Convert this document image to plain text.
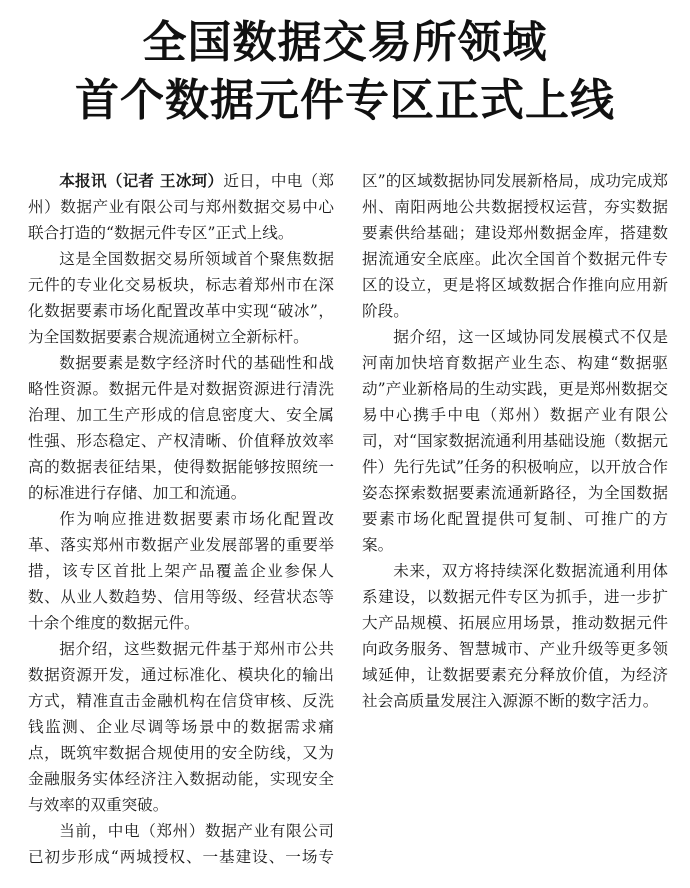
全国数据交易所领域
首个数据元件专区正式上线

本报讯（记者 王冰珂）近日，中电（郑州）数据产业有限公司与郑州数据交易中心联合打造的“数据元件专区”正式上线。

这是全国数据交易所领域首个聚焦数据元件的专业化交易板块，标志着郑州市在深化数据要素市场化配置改革中实现“破冰”，为全国数据要素合规流通树立全新标杆。

数据要素是数字经济时代的基础性和战略性资源。数据元件是对数据资源进行清洗治理、加工生产形成的信息密度大、安全属性强、形态稳定、产权清晰、价值释放效率高的数据表征结果，使得数据能够按照统一的标准进行存储、加工和流通。

作为响应推进数据要素市场化配置改革、落实郑州市数据产业发展部署的重要举措，该专区首批上架产品覆盖企业参保人数、从业人数趋势、信用等级、经营状态等十余个维度的数据元件。

据介绍，这些数据元件基于郑州市公共数据资源开发，通过标准化、模块化的输出方式，精准直击金融机构在信贷审核、反洗钱监测、企业尽调等场景中的数据需求痛点，既筑牢数据合规使用的安全防线，又为金融服务实体经济注入数据动能，实现安全与效率的双重突破。

当前，中电（郑州）数据产业有限公司已初步形成“两城授权、一基建设、一场专区”的区域数据协同发展新格局，成功完成郑州、南阳两地公共数据授权运营，夯实数据要素供给基础；建设郑州数据金库，搭建数据流通安全底座。此次全国首个数据元件专区的设立，更是将区域数据合作推向应用新阶段。

据介绍，这一区域协同发展模式不仅是河南加快培育数据产业生态、构建“数据驱动”产业新格局的生动实践，更是郑州数据交易中心携手中电（郑州）数据产业有限公司，对“国家数据流通利用基础设施（数据元件）先行先试”任务的积极响应，以开放合作姿态探索数据要素流通新路径，为全国数据要素市场化配置提供可复制、可推广的方案。

未来，双方将持续深化数据流通利用体系建设，以数据元件专区为抓手，进一步扩大产品规模、拓展应用场景，推动数据元件向政务服务、智慧城市、产业升级等更多领域延伸，让数据要素充分释放价值，为经济社会高质量发展注入源源不断的数字活力。
